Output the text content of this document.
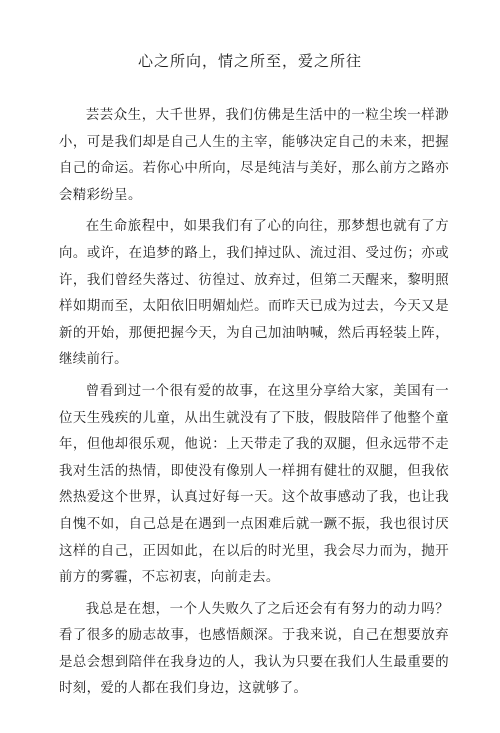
心之所向，情之所至，爱之所往

芸芸众生，大千世界，我们仿佛是生活中的一粒尘埃一样渺小，可是我们却是自己人生的主宰，能够决定自己的未来，把握自己的命运。若你心中所向，尽是纯洁与美好，那么前方之路亦会精彩纷呈。

在生命旅程中，如果我们有了心的向往，那梦想也就有了方向。或许，在追梦的路上，我们掉过队、流过泪、受过伤；亦或许，我们曾经失落过、彷徨过、放弃过，但第二天醒来，黎明照样如期而至，太阳依旧明媚灿烂。而昨天已成为过去，今天又是新的开始，那便把握今天，为自己加油呐喊，然后再轻装上阵，继续前行。

曾看到过一个很有爱的故事，在这里分享给大家，美国有一位天生残疾的儿童，从出生就没有了下肢，假肢陪伴了他整个童年，但他却很乐观，他说：上天带走了我的双腿，但永远带不走我对生活的热情，即使没有像别人一样拥有健壮的双腿，但我依然热爱这个世界，认真过好每一天。这个故事感动了我，也让我自愧不如，自己总是在遇到一点困难后就一蹶不振，我也很讨厌这样的自己，正因如此，在以后的时光里，我会尽力而为，抛开前方的雾霾，不忘初衷，向前走去。

我总是在想，一个人失败久了之后还会有有努力的动力吗？看了很多的励志故事，也感悟颇深。于我来说，自己在想要放弃是总会想到陪伴在我身边的人，我认为只要在我们人生最重要的时刻，爱的人都在我们身边，这就够了。
